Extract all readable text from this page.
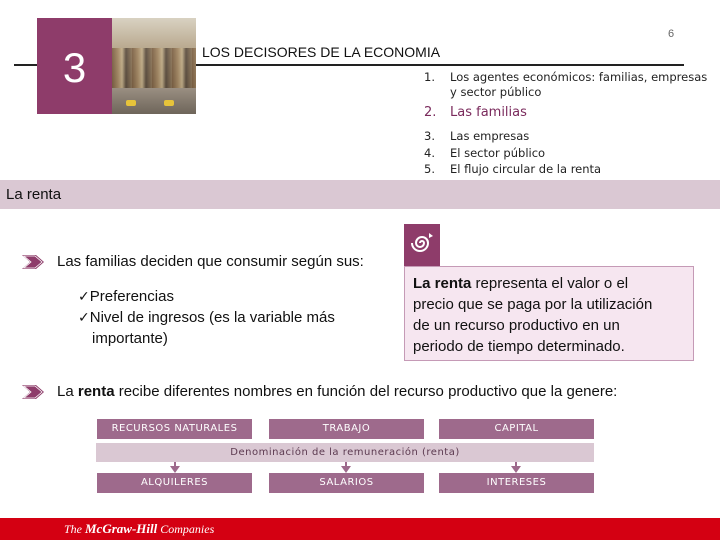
6
3	LOS DECISORES DE LA ECONOMIA
1. Los agentes económicos: familias, empresas y sector público
2. Las familias
3. Las empresas
4. El sector público
5. El flujo circular de la renta
La renta
Las familias deciden que consumir según sus:
✓Preferencias
✓Nivel de ingresos (es la variable más
importante)
La renta representa el valor o el
precio que se paga por la utilización
de un recurso productivo en un
periodo de tiempo determinado.
La renta recibe diferentes nombres en función del recurso productivo que la genere:
RECURSOS NATURALES	TRABAJO	CAPITAL
Denominación de la remuneración (renta)
ALQUILERES	SALARIOS	INTERESES
The McGraw-Hill Companies
